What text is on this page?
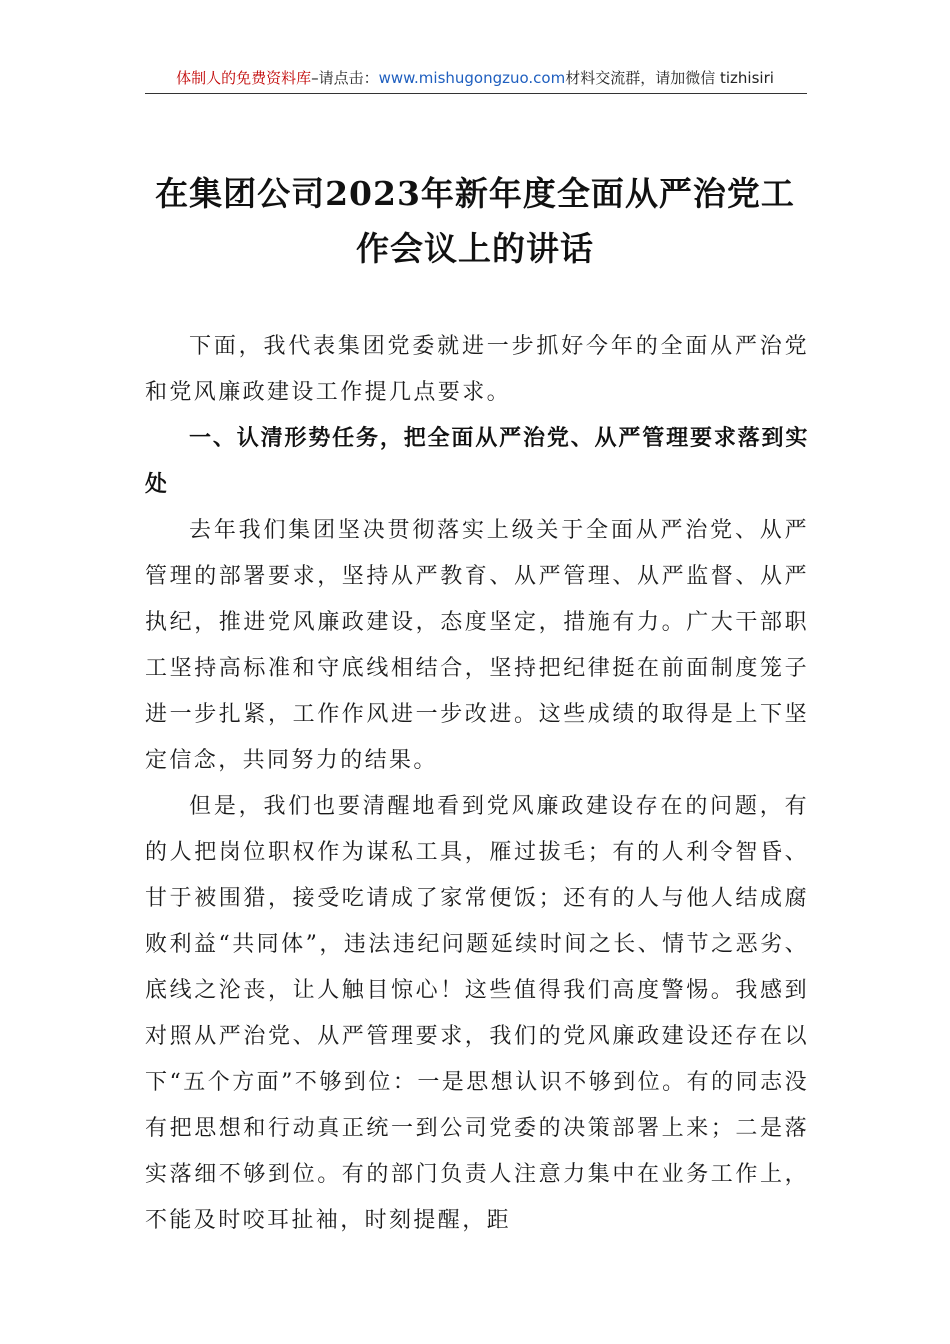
体制人的免费资料库–请点击：www.mishugongzuo.com材料交流群，请加微信 tizhisiri
在集团公司2023年新年度全面从严治党工作会议上的讲话

下面，我代表集团党委就进一步抓好今年的全面从严治党和党风廉政建设工作提几点要求。

一、认清形势任务，把全面从严治党、从严管理要求落到实处

去年我们集团坚决贯彻落实上级关于全面从严治党、从严管理的部署要求，坚持从严教育、从严管理、从严监督、从严执纪，推进党风廉政建设，态度坚定，措施有力。广大干部职工坚持高标准和守底线相结合，坚持把纪律挺在前面制度笼子进一步扎紧，工作作风进一步改进。这些成绩的取得是上下坚定信念，共同努力的结果。

但是，我们也要清醒地看到党风廉政建设存在的问题，有的人把岗位职权作为谋私工具，雁过拔毛；有的人利令智昏、甘于被围猎，接受吃请成了家常便饭；还有的人与他人结成腐败利益“共同体”，违法违纪问题延续时间之长、情节之恶劣、底线之沦丧，让人触目惊心！这些值得我们高度警惕。我感到对照从严治党、从严管理要求，我们的党风廉政建设还存在以下“五个方面”不够到位：一是思想认识不够到位。有的同志没有把思想和行动真正统一到公司党委的决策部署上来；二是落实落细不够到位。有的部门负责人注意力集中在业务工作上，不能及时咬耳扯袖，时刻提醒，距
